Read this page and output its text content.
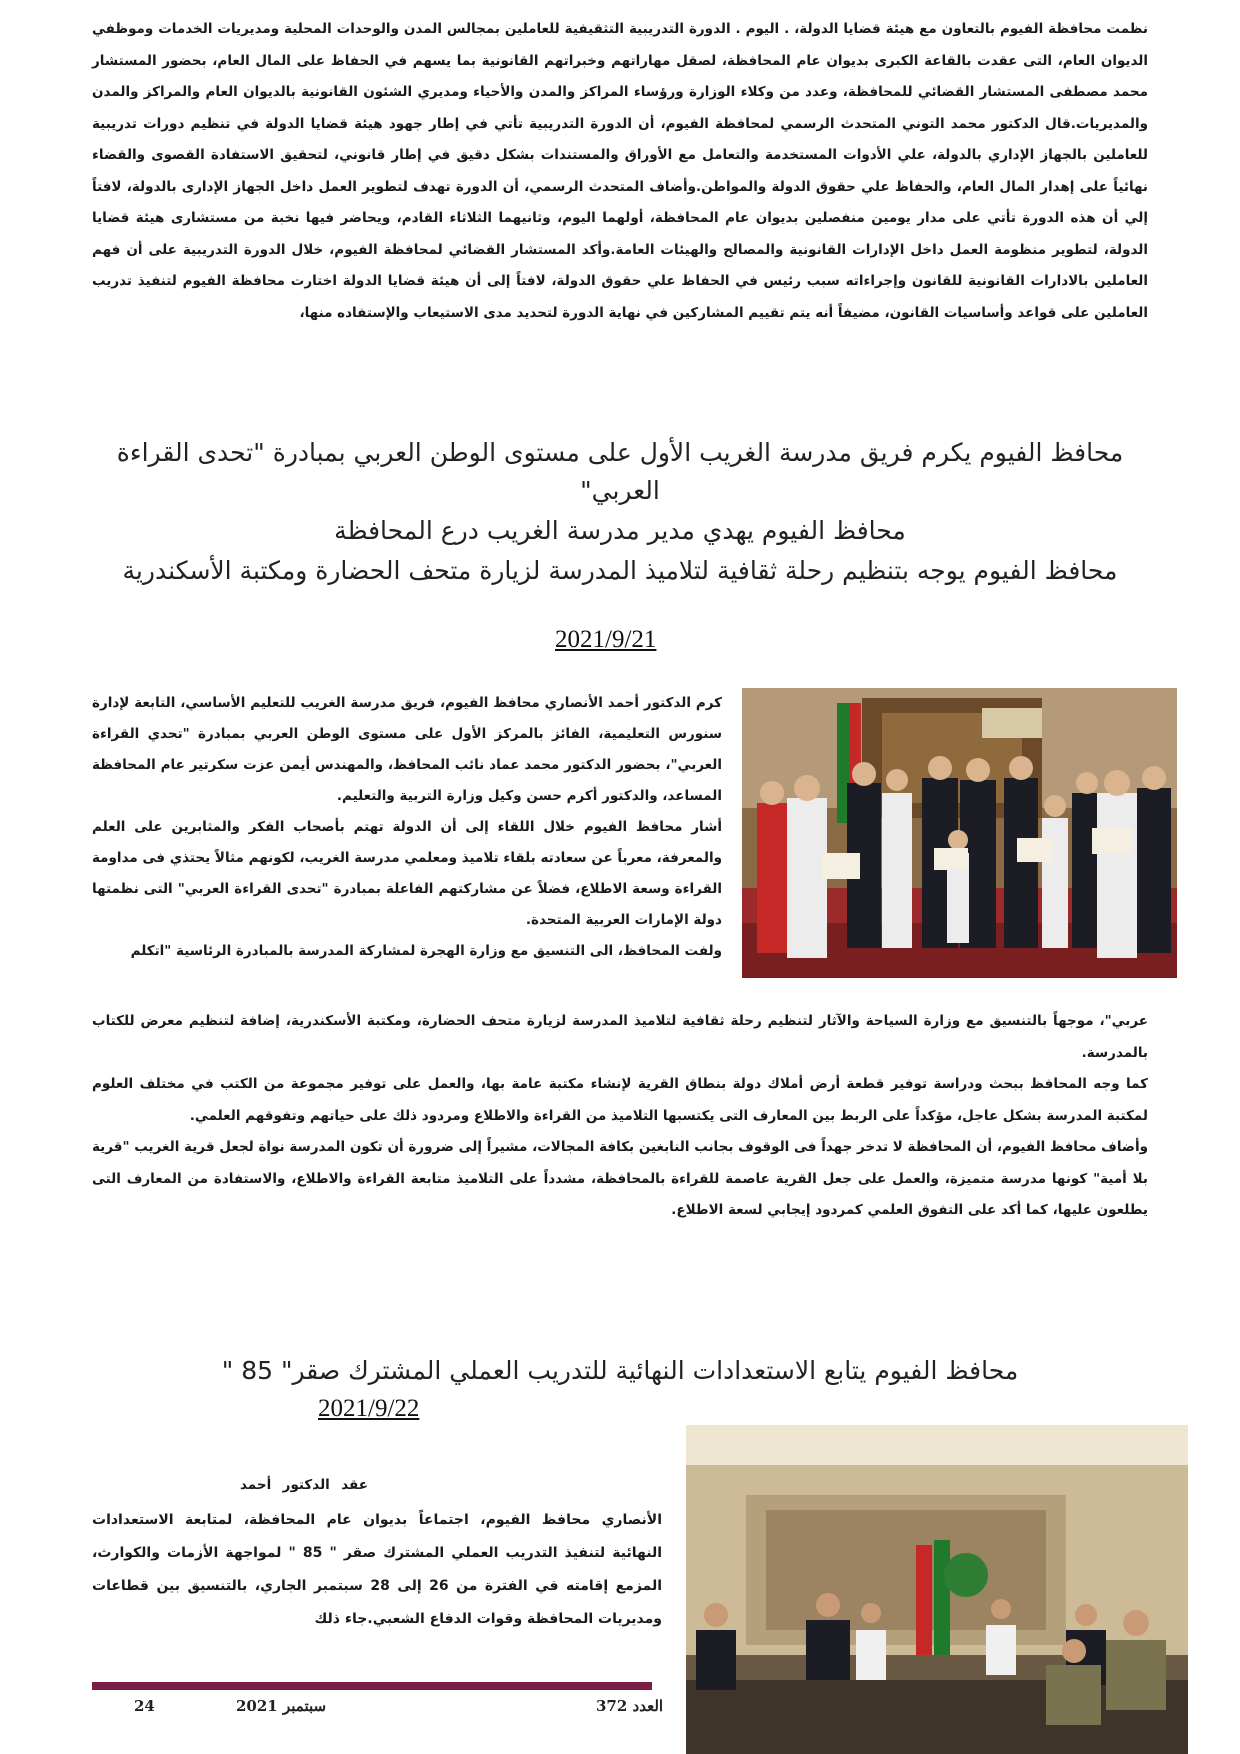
نظمت محافظة الفيوم بالتعاون مع هيئة قضايا الدولة، . اليوم . الدورة التدريبية التثقيفية للعاملين بمجالس المدن والوحدات المحلية ومديريات الخدمات وموظفي الديوان العام، التى عقدت بالقاعة الكبرى بديوان عام المحافظة، لصقل مهاراتهم وخبراتهم القانونية بما يسهم في الحفاظ على المال العام، بحضور المستشار محمد مصطفى المستشار القضائي للمحافظة، وعدد من وكلاء الوزارة ورؤساء المراكز والمدن والأحياء ومديري الشئون القانونية بالديوان العام والمراكز والمدن والمديريات.قال الدكتور محمد التوني المتحدث الرسمي لمحافظة الفيوم، أن الدورة التدريبية تأتي في إطار جهود هيئة قضايا الدولة في تنظيم دورات تدريبية للعاملين بالجهاز الإداري بالدولة، علي الأدوات المستخدمة والتعامل مع الأوراق والمستندات بشكل دقيق في إطار قانوني، لتحقيق الاستفادة القصوى والقضاء نهائياً على إهدار المال العام، والحفاظ علي حقوق الدولة والمواطن.وأضاف المتحدث الرسمي، أن الدورة تهدف لتطوير العمل داخل الجهاز الإدارى بالدولة، لافتاً إلي أن هذه الدورة تأتي على مدار يومين منفصلين بديوان عام المحافظة، أولهما اليوم، وثانيهما الثلاثاء القادم، ويحاضر فيها نخبة من مستشارى هيئة قضايا الدولة، لتطوير منظومة العمل داخل الإدارات القانونية والمصالح والهيئات العامة.وأكد المستشار القضائي لمحافظة الفيوم، خلال الدورة التدريبية على أن فهم العاملين بالادارات القانونية للقانون وإجراءاته سبب رئيس في الحفاظ علي حقوق الدولة، لافتاً إلى أن هيئة قضايا الدولة اختارت محافظة الفيوم لتنفيذ تدريب العاملين على قواعد وأساسيات القانون، مضيفاً أنه يتم تقييم المشاركين في نهاية الدورة لتحديد مدى الاستيعاب والإستفاده منها،

محافظ الفيوم يكرم فريق مدرسة الغريب الأول على مستوى الوطن العربي بمبادرة "تحدى القراءة العربي"
محافظ الفيوم يهدي مدير مدرسة الغريب درع المحافظة
محافظ الفيوم يوجه بتنظيم رحلة ثقافية لتلاميذ المدرسة لزيارة متحف الحضارة ومكتبة الأسكندرية
2021/9/21

كرم الدكتور أحمد الأنصاري محافظ الفيوم، فريق مدرسة الغريب للتعليم الأساسي، التابعة لإدارة سنورس التعليمية، الفائز بالمركز الأول على مستوى الوطن العربي بمبادرة "تحدي القراءة العربي"، بحضور الدكتور محمد عماد نائب المحافظ، والمهندس أيمن عزت سكرتير عام المحافظة المساعد، والدكتور أكرم حسن وكيل وزارة التربية والتعليم.

أشار محافظ الفيوم خلال اللقاء إلى أن الدولة تهتم بأصحاب الفكر والمثابرين على العلم والمعرفة، معرباً عن سعادته بلقاء تلاميذ ومعلمي مدرسة الغريب، لكونهم مثالاً يحتذي فى مداومة القراءة وسعة الاطلاع، فضلاً عن مشاركتهم الفاعلة بمبادرة "تحدى القراءة العربي" التى نظمتها دولة الإمارات العربية المتحدة.

ولفت المحافظ، الى التنسيق مع وزارة الهجرة لمشاركة المدرسة بالمبادرة الرئاسية "اتكلم

عربي"، موجهاً بالتنسيق مع وزارة السياحة والآثار لتنظيم رحلة ثقافية لتلاميذ المدرسة لزيارة متحف الحضارة، ومكتبة الأسكندرية، إضافة لتنظيم معرض للكتاب بالمدرسة.

كما وجه المحافظ ببحث ودراسة توفير قطعة أرض أملاك دولة بنطاق القرية لإنشاء مكتبة عامة بها، والعمل على توفير مجموعة من الكتب في مختلف العلوم لمكتبة المدرسة بشكل عاجل، مؤكداً على الربط بين المعارف التى يكتسبها التلاميذ من القراءة والاطلاع ومردود ذلك على حياتهم وتفوقهم العلمي.

وأضاف محافظ الفيوم، أن المحافظة لا تدخر جهداً فى الوقوف بجانب النابغين بكافة المجالات، مشيراً إلى ضرورة أن تكون المدرسة نواة لجعل قرية الغريب "قرية بلا أمية" كونها مدرسة متميزة، والعمل على جعل القرية عاصمة للقراءة بالمحافظة، مشدداً على التلاميذ متابعة القراءة والاطلاع، والاستفادة من المعارف التى يطلعون عليها، كما أكد على التفوق العلمي كمردود إيجابي لسعة الاطلاع.

محافظ الفيوم يتابع الاستعدادات النهائية للتدريب العملي المشترك صقر" 85 "
2021/9/22

عقد الدكتور أحمد

الأنصاري محافظ الفيوم، اجتماعاً بديوان عام المحافظة، لمتابعة الاستعدادات النهائية لتنفيذ التدريب العملي المشترك صقر " 85 " لمواجهة الأزمات والكوارث، المزمع إقامته في الفترة من 26 إلى 28 سبتمبر الجاري، بالتنسيق بين قطاعات ومديريات المحافظة وقوات الدفاع الشعبي.جاء ذلك

24	سبتمبر 2021	العدد 372
